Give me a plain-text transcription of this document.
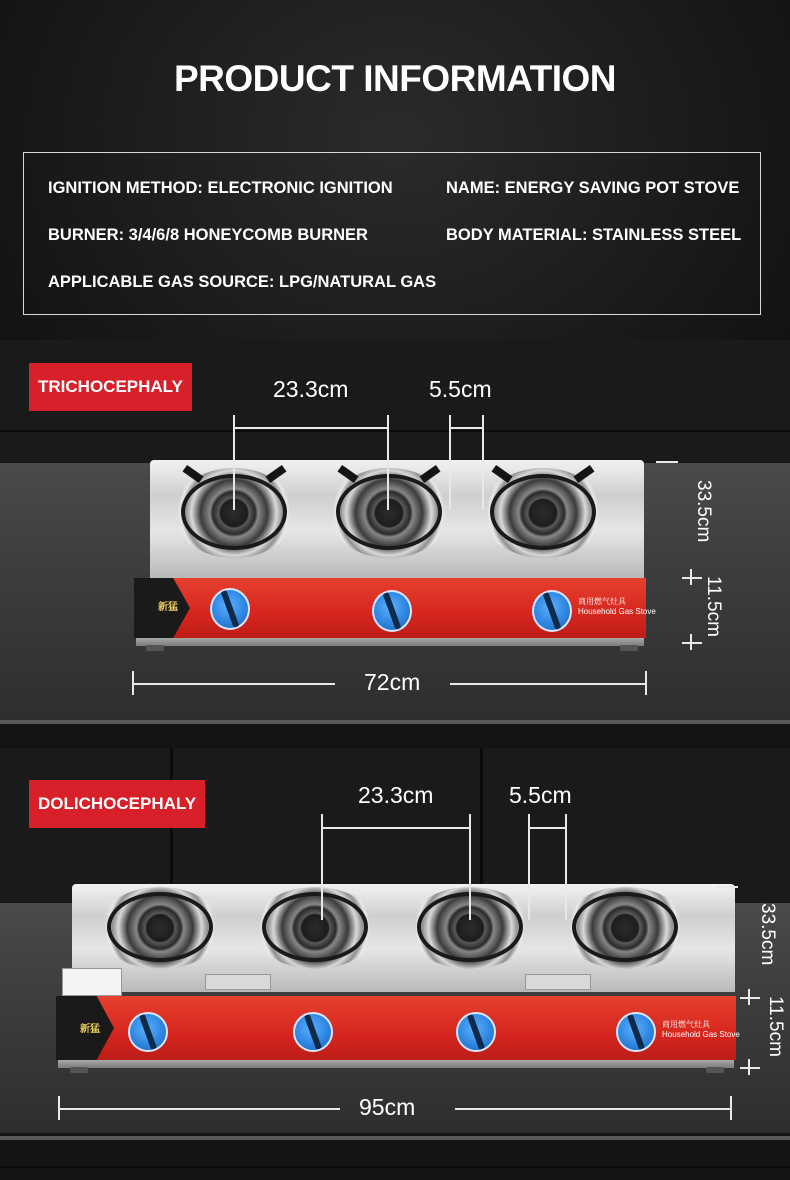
PRODUCT INFORMATION
IGNITION METHOD: ELECTRONIC IGNITION	NAME: ENERGY SAVING POT STOVE
BURNER: 3/4/6/8 HONEYCOMB BURNER	BODY MATERIAL: STAINLESS STEEL
APPLICABLE GAS SOURCE: LPG/NATURAL GAS
新猛
商用燃气灶具
Household Gas Stove
TRICHOCEPHALY	23.3cm	5.5cm
33.5cm
11.5cm
72cm
新猛	商用燃气灶具
Household Gas Stove
DOLICHOCEPHALY	23.3cm	5.5cm
33.5cm
11.5cm
95cm
